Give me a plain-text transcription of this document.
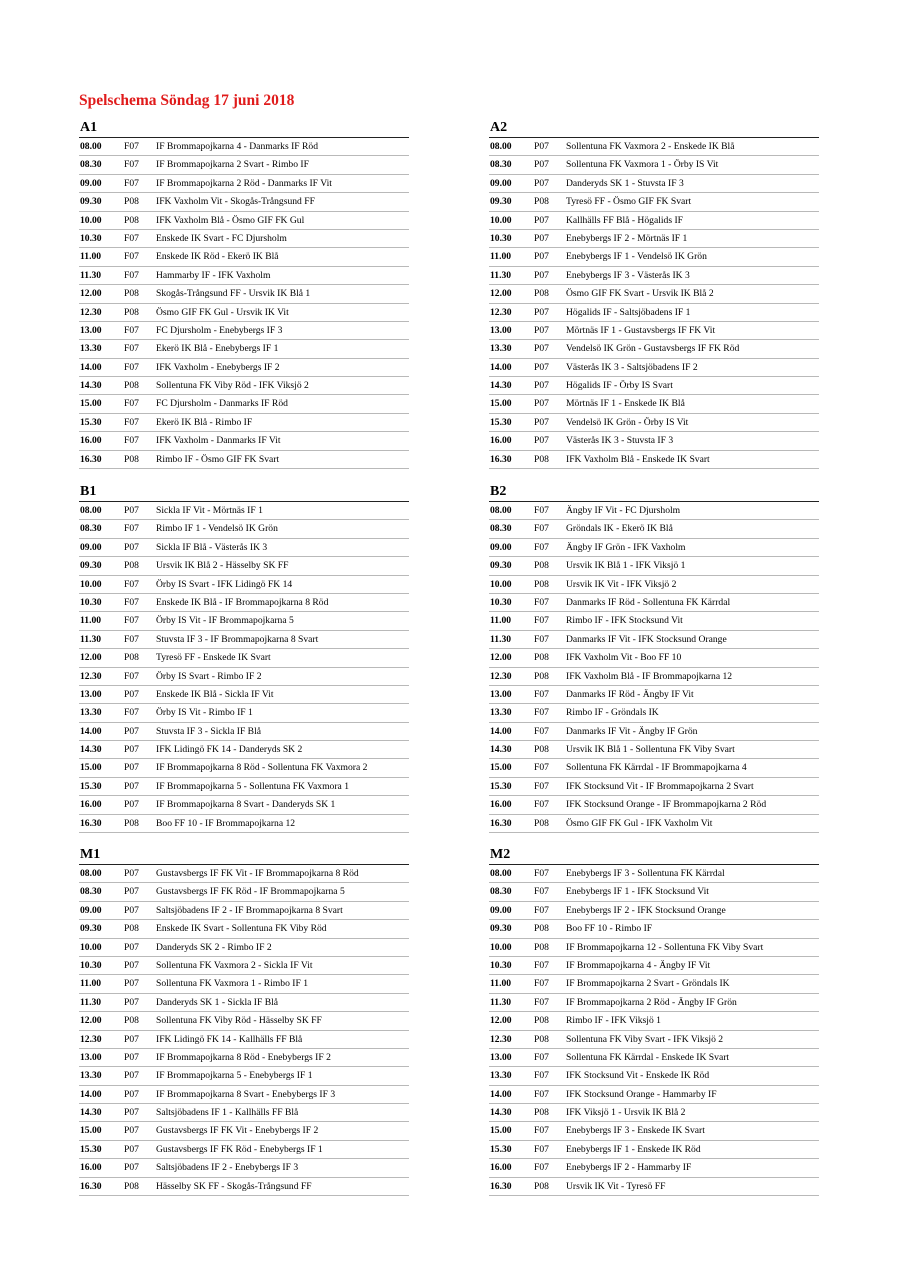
Spelschema Söndag 17 juni 2018
A1
08.00 F07 IF Brommapojkarna 4 - Danmarks IF Röd
08.30 F07 IF Brommapojkarna 2 Svart - Rimbo IF
09.00 F07 IF Brommapojkarna 2 Röd - Danmarks IF Vit
09.30 P08 IFK Vaxholm Vit - Skogås-Trångsund FF
10.00 P08 IFK Vaxholm Blå - Ösmo GIF FK Gul
10.30 F07 Enskede IK Svart - FC Djursholm
11.00 F07 Enskede IK Röd - Ekerö IK Blå
11.30 F07 Hammarby IF - IFK Vaxholm
12.00 P08 Skogås-Trångsund FF - Ursvik IK Blå 1
12.30 P08 Ösmo GIF FK Gul - Ursvik IK Vit
13.00 F07 FC Djursholm - Enebybergs IF 3
13.30 F07 Ekerö IK Blå - Enebybergs IF 1
14.00 F07 IFK Vaxholm - Enebybergs IF 2
14.30 P08 Sollentuna FK Viby Röd - IFK Viksjö 2
15.00 F07 FC Djursholm - Danmarks IF Röd
15.30 F07 Ekerö IK Blå - Rimbo IF
16.00 F07 IFK Vaxholm - Danmarks IF Vit
16.30 P08 Rimbo IF - Ösmo GIF FK Svart
A2
08.00 P07 Sollentuna FK Vaxmora 2 - Enskede IK Blå
08.30 P07 Sollentuna FK Vaxmora 1 - Örby IS Vit
09.00 P07 Danderyds SK 1 - Stuvsta IF 3
09.30 P08 Tyresö FF - Ösmo GIF FK Svart
10.00 P07 Kallhälls FF Blå - Högalids IF
10.30 P07 Enebybergs IF 2 - Mörtnäs IF 1
11.00 P07 Enebybergs IF 1 - Vendelsö IK Grön
11.30 P07 Enebybergs IF 3 - Västerås IK 3
12.00 P08 Ösmo GIF FK Svart - Ursvik IK Blå 2
12.30 P07 Högalids IF - Saltsjöbadens IF 1
13.00 P07 Mörtnäs IF 1 - Gustavsbergs IF FK Vit
13.30 P07 Vendelsö IK Grön - Gustavsbergs IF FK Röd
14.00 P07 Västerås IK 3 - Saltsjöbadens IF 2
14.30 P07 Högalids IF - Örby IS Svart
15.00 P07 Mörtnäs IF 1 - Enskede IK Blå
15.30 P07 Vendelsö IK Grön - Örby IS Vit
16.00 P07 Västerås IK 3 - Stuvsta IF 3
16.30 P08 IFK Vaxholm Blå - Enskede IK Svart
B1
08.00 P07 Sickla IF Vit - Mörtnäs IF 1
08.30 F07 Rimbo IF 1 - Vendelsö IK Grön
09.00 P07 Sickla IF Blå - Västerås IK 3
09.30 P08 Ursvik IK Blå 2 - Hässelby SK FF
10.00 F07 Örby IS Svart - IFK Lidingö FK 14
10.30 F07 Enskede IK Blå - IF Brommapojkarna 8 Röd
11.00 F07 Örby IS Vit - IF Brommapojkarna 5
11.30 F07 Stuvsta IF 3 - IF Brommapojkarna 8 Svart
12.00 P08 Tyresö FF - Enskede IK Svart
12.30 F07 Örby IS Svart - Rimbo IF 2
13.00 P07 Enskede IK Blå - Sickla IF Vit
13.30 F07 Örby IS Vit - Rimbo IF 1
14.00 P07 Stuvsta IF 3 - Sickla IF Blå
14.30 P07 IFK Lidingö FK 14 - Danderyds SK 2
15.00 P07 IF Brommapojkarna 8 Röd - Sollentuna FK Vaxmora 2
15.30 P07 IF Brommapojkarna 5 - Sollentuna FK Vaxmora 1
16.00 P07 IF Brommapojkarna 8 Svart - Danderyds SK 1
16.30 P08 Boo FF 10 - IF Brommapojkarna 12
B2
08.00 F07 Ängby IF Vit - FC Djursholm
08.30 F07 Gröndals IK - Ekerö IK Blå
09.00 F07 Ängby IF Grön - IFK Vaxholm
09.30 P08 Ursvik IK Blå 1 - IFK Viksjö 1
10.00 P08 Ursvik IK Vit - IFK Viksjö 2
10.30 F07 Danmarks IF Röd - Sollentuna FK Kärrdal
11.00 F07 Rimbo IF - IFK Stocksund Vit
11.30 F07 Danmarks IF Vit - IFK Stocksund Orange
12.00 P08 IFK Vaxholm Vit - Boo FF 10
12.30 P08 IFK Vaxholm Blå - IF Brommapojkarna 12
13.00 F07 Danmarks IF Röd - Ängby IF Vit
13.30 F07 Rimbo IF - Gröndals IK
14.00 F07 Danmarks IF Vit - Ängby IF Grön
14.30 P08 Ursvik IK Blå 1 - Sollentuna FK Viby Svart
15.00 F07 Sollentuna FK Kärrdal - IF Brommapojkarna 4
15.30 F07 IFK Stocksund Vit - IF Brommapojkarna 2 Svart
16.00 F07 IFK Stocksund Orange - IF Brommapojkarna 2 Röd
16.30 P08 Ösmo GIF FK Gul - IFK Vaxholm Vit
M1
08.00 P07 Gustavsbergs IF FK Vit - IF Brommapojkarna 8 Röd
08.30 P07 Gustavsbergs IF FK Röd - IF Brommapojkarna 5
09.00 P07 Saltsjöbadens IF 2 - IF Brommapojkarna 8 Svart
09.30 P08 Enskede IK Svart - Sollentuna FK Viby Röd
10.00 P07 Danderyds SK 2 - Rimbo IF 2
10.30 P07 Sollentuna FK Vaxmora 2 - Sickla IF Vit
11.00 P07 Sollentuna FK Vaxmora 1 - Rimbo IF 1
11.30 P07 Danderyds SK 1 - Sickla IF Blå
12.00 P08 Sollentuna FK Viby Röd - Hässelby SK FF
12.30 P07 IFK Lidingö FK 14 - Kallhälls FF Blå
13.00 P07 IF Brommapojkarna 8 Röd - Enebybergs IF 2
13.30 P07 IF Brommapojkarna 5 - Enebybergs IF 1
14.00 P07 IF Brommapojkarna 8 Svart - Enebybergs IF 3
14.30 P07 Saltsjöbadens IF 1 - Kallhälls FF Blå
15.00 P07 Gustavsbergs IF FK Vit - Enebybergs IF 2
15.30 P07 Gustavsbergs IF FK Röd - Enebybergs IF 1
16.00 P07 Saltsjöbadens IF 2 - Enebybergs IF 3
16.30 P08 Hässelby SK FF - Skogås-Trångsund FF
M2
08.00 F07 Enebybergs IF 3 - Sollentuna FK Kärrdal
08.30 F07 Enebybergs IF 1 - IFK Stocksund Vit
09.00 F07 Enebybergs IF 2 - IFK Stocksund Orange
09.30 P08 Boo FF 10 - Rimbo IF
10.00 P08 IF Brommapojkarna 12 - Sollentuna FK Viby Svart
10.30 F07 IF Brommapojkarna 4 - Ängby IF Vit
11.00 F07 IF Brommapojkarna 2 Svart - Gröndals IK
11.30 F07 IF Brommapojkarna 2 Röd - Ängby IF Grön
12.00 P08 Rimbo IF - IFK Viksjö 1
12.30 P08 Sollentuna FK Viby Svart - IFK Viksjö 2
13.00 F07 Sollentuna FK Kärrdal - Enskede IK Svart
13.30 F07 IFK Stocksund Vit - Enskede IK Röd
14.00 F07 IFK Stocksund Orange - Hammarby IF
14.30 P08 IFK Viksjö 1 - Ursvik IK Blå 2
15.00 F07 Enebybergs IF 3 - Enskede IK Svart
15.30 F07 Enebybergs IF 1 - Enskede IK Röd
16.00 F07 Enebybergs IF 2 - Hammarby IF
16.30 P08 Ursvik IK Vit - Tyresö FF
